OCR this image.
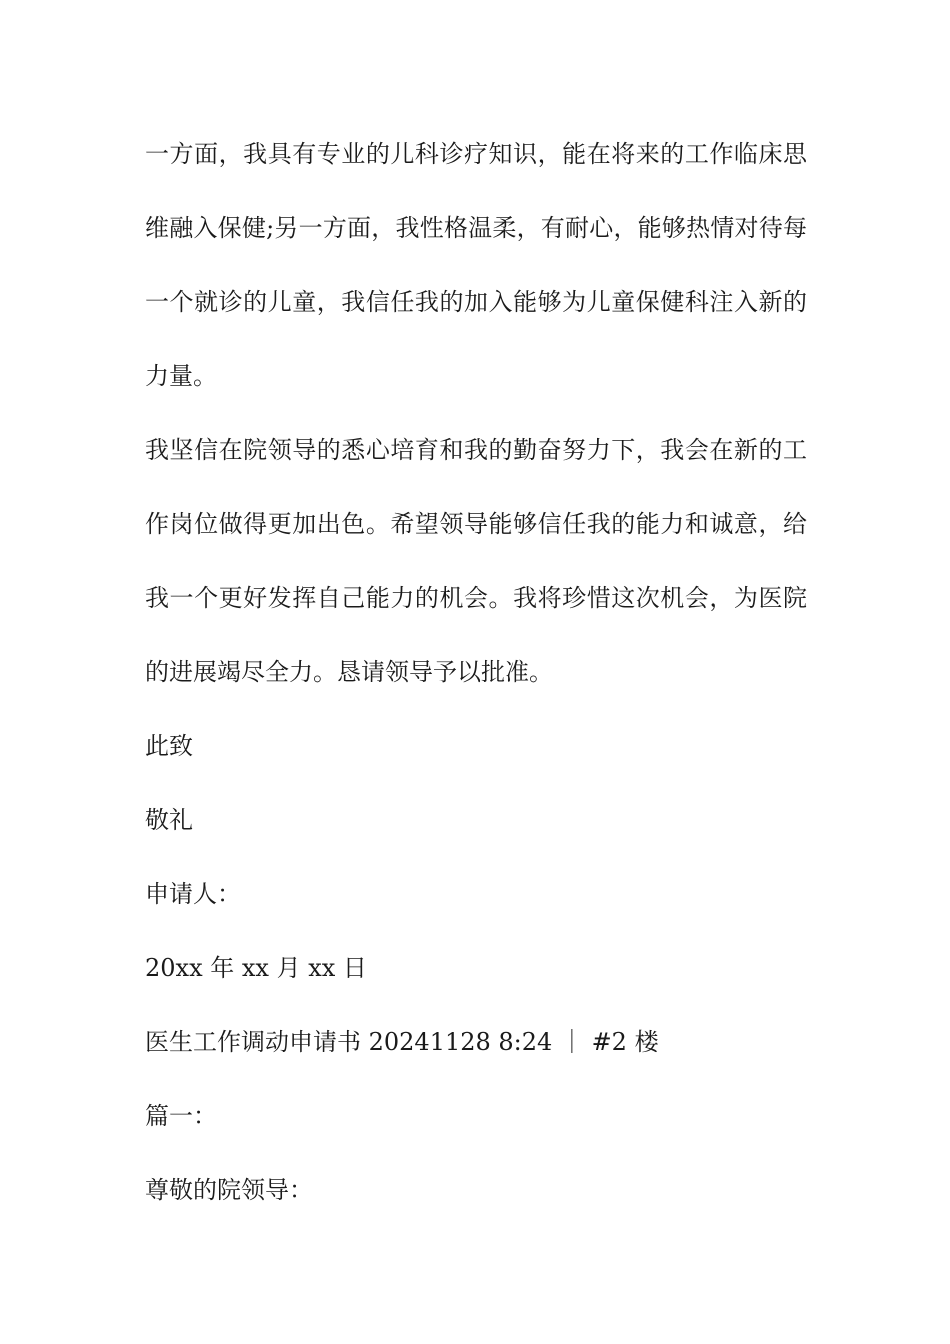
一方面，我具有专业的儿科诊疗知识，能在将来的工作临床思
维融入保健;另一方面，我性格温柔，有耐心，能够热情对待每
一个就诊的儿童，我信任我的加入能够为儿童保健科注入新的
力量。
我坚信在院领导的悉心培育和我的勤奋努力下，我会在新的工
作岗位做得更加出色。希望领导能够信任我的能力和诚意，给
我一个更好发挥自己能力的机会。我将珍惜这次机会，为医院
的进展竭尽全力。恳请领导予以批准。
此致
敬礼
申请人：
20xx 年 xx 月 xx 日
医生工作调动申请书 20241128 8:24 ｜ #2 楼
篇一：
尊敬的院领导：
